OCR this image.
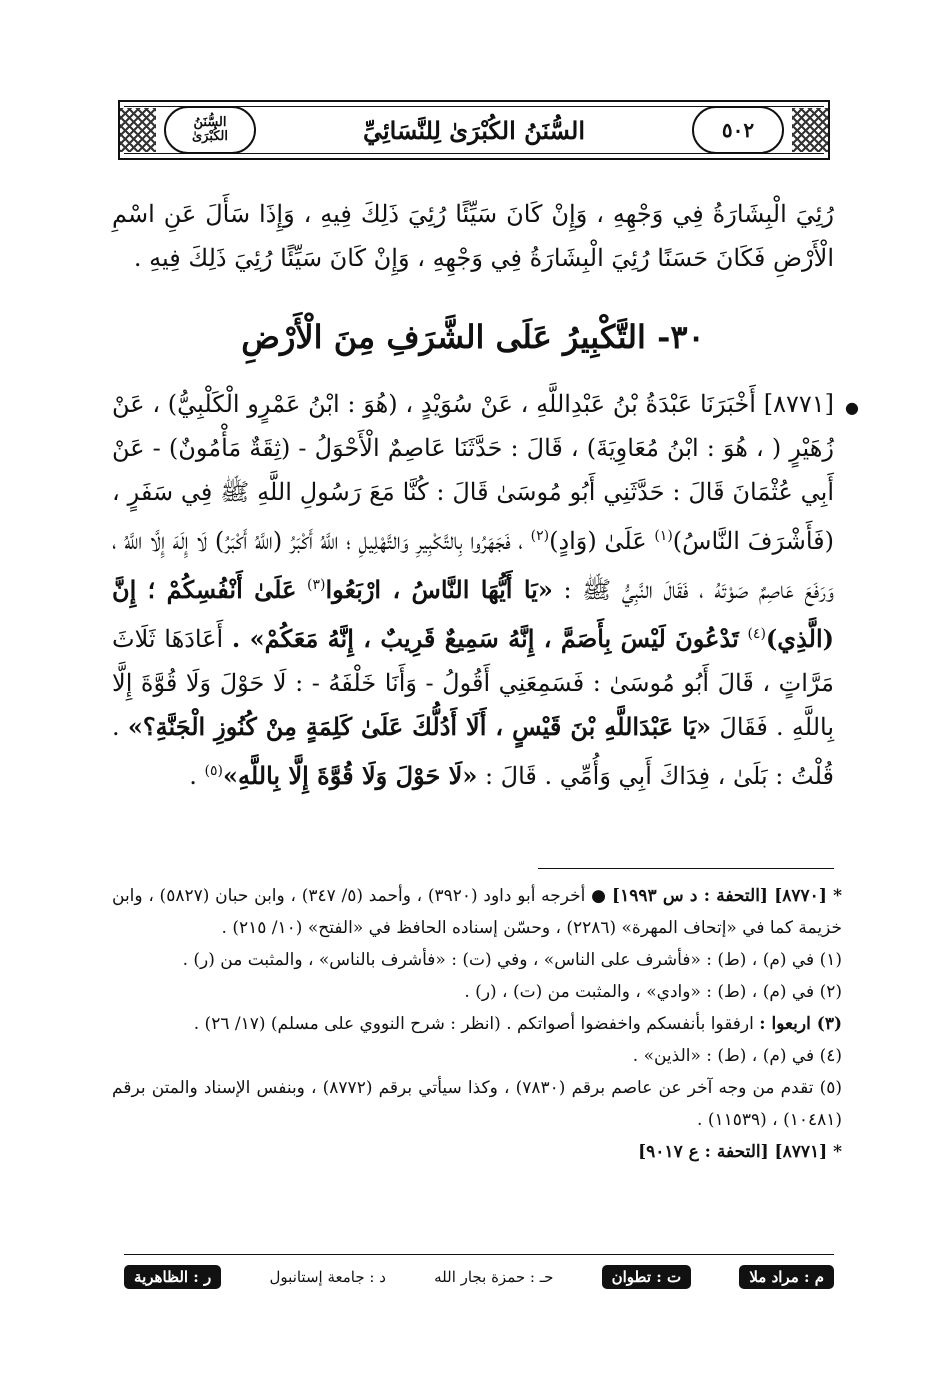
السُّنَنُ
الكُبْرَىٰ	السُّنَنُ الكُبْرَىٰ لِلنَّسَائِيِّ	٥٠٢
رُئِيَ الْبِشَارَةُ فِي وَجْهِهِ ، وَإِنْ كَانَ سَيِّئًا رُئِيَ ذَلِكَ فِيهِ ، وَإِذَا سَأَلَ عَنِ اسْمِ الْأَرْضِ فَكَانَ حَسَنًا رُئِيَ الْبِشَارَةُ فِي وَجْهِهِ ، وَإِنْ كَانَ سَيِّئًا رُئِيَ ذَلِكَ فِيهِ .
٣٠- التَّكْبِيرُ عَلَى الشَّرَفِ مِنَ الْأَرْضِ
●
[٨٧٧١] أَخْبَرَنَا عَبْدَةُ بْنُ عَبْدِاللَّهِ ، عَنْ سُوَيْدٍ ، (هُوَ : ابْنُ عَمْرٍو الْكَلْبِيُّ) ، عَنْ زُهَيْرٍ ( ، هُوَ : ابْنُ مُعَاوِيَةَ) ، قَالَ : حَدَّثَنَا عَاصِمٌ الْأَحْوَلُ - (ثِقَةٌ مَأْمُونٌ) - عَنْ أَبِي عُثْمَانَ قَالَ : حَدَّثَنِي أَبُو مُوسَىٰ قَالَ : كُنَّا مَعَ رَسُولِ اللَّهِ ﷺ فِي سَفَرٍ ، (فَأَشْرَفَ النَّاسُ)$^{(١)}$ عَلَىٰ (وَادٍ)$^{(٢)}$ ، فَجَهَرُوا بِالتَّكْبِيرِ وَالتَّهْلِيلِ ؛ اللَّهُ أَكْبَرُ (اللَّهُ أَكْبَرُ) لَا إِلَهَ إِلَّا اللَّهُ ، وَرَفَعَ عَاصِمٌ صَوْتَهُ ، فَقَالَ النَّبِيُّ ﷺ : «يَا أَيُّهَا النَّاسُ ، ارْبَعُوا$^{(٣)}$ عَلَىٰ أَنْفُسِكُمْ ؛ إِنَّ (الَّذِي)$^{(٤)}$ تَدْعُونَ لَيْسَ بِأَصَمَّ ، إِنَّهُ سَمِيعٌ قَرِيبٌ ، إِنَّهُ مَعَكُمْ» . أَعَادَهَا ثَلَاثَ مَرَّاتٍ ، قَالَ أَبُو مُوسَىٰ : فَسَمِعَنِي أَقُولُ - وَأَنَا خَلْفَهُ - : لَا حَوْلَ وَلَا قُوَّةَ إِلَّا بِاللَّهِ . فَقَالَ «يَا عَبْدَاللَّهِ بْنَ قَيْسٍ ، أَلَا أَدُلُّكَ عَلَىٰ كَلِمَةٍ مِنْ كُنُوزِ الْجَنَّةِ؟» . قُلْتُ : بَلَىٰ ، فِدَاكَ أَبِي وَأُمِّي . قَالَ : «لَا حَوْلَ وَلَا قُوَّةَ إِلَّا بِاللَّهِ»$^{(٥)}$ .

* [٨٧٧٠] [التحفة : د س ١٩٩٣] ● أخرجه أبو داود (٣٩٢٠) ، وأحمد (٥/ ٣٤٧) ، وابن حبان (٥٨٢٧) ، وابن خزيمة كما في «إتحاف المهرة» (٢٢٨٦) ، وحسّن إسناده الحافظ في «الفتح» (١٠/ ٢١٥) .

(١) في (م) ، (ط) : «فأشرف على الناس» ، وفي (ت) : «فأشرف بالناس» ، والمثبت من (ر) .

(٢) في (م) ، (ط) : «وادي» ، والمثبت من (ت) ، (ر) .

(٣) اربعوا : ارفقوا بأنفسكم واخفضوا أصواتكم . (انظر : شرح النووي على مسلم) (١٧/ ٢٦) .

(٤) في (م) ، (ط) : «الذين» .

(٥) تقدم من وجه آخر عن عاصم برقم (٧٨٣٠) ، وكذا سيأتي برقم (٨٧٧٢) ، وبنفس الإسناد والمتن برقم (١٠٤٨١) ، (١١٥٣٩) .

* [٨٧٧١] [التحفة : ع ٩٠١٧]

م : مراد ملا
ت : تطوان
حـ : حمزة بجار الله
د : جامعة إستانبول
ر : الظاهرية
